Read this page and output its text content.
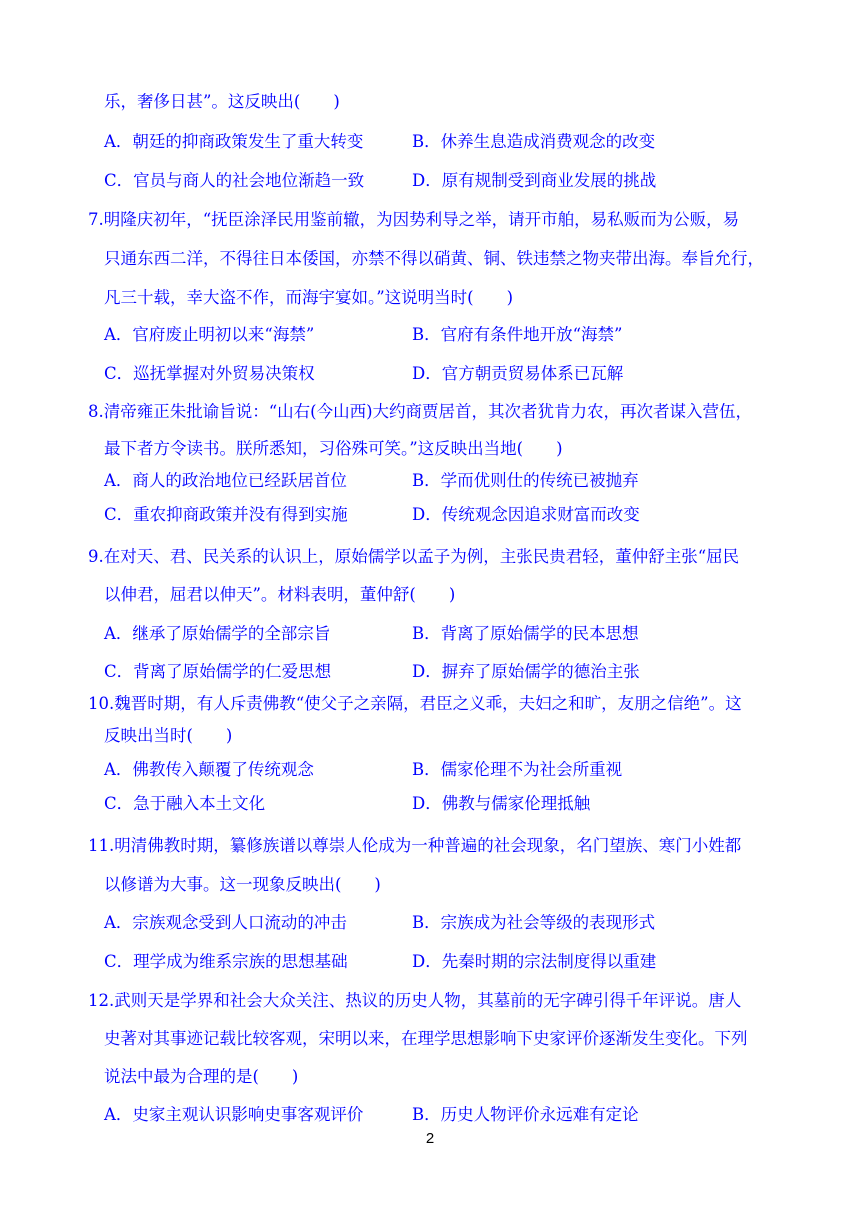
乐，奢侈日甚”。这反映出(　　)
A．朝廷的抑商政策发生了重大转变	B．休养生息造成消费观念的改变
C．官员与商人的社会地位渐趋一致	D．原有规制受到商业发展的挑战
7.明隆庆初年，“抚臣涂泽民用鉴前辙，为因势利导之举，请开市舶，易私贩而为公贩，易
只通东西二洋，不得往日本倭国，亦禁不得以硝黄、铜、铁违禁之物夹带出海。奉旨允行，
凡三十载，幸大盗不作，而海宇宴如。”这说明当时(　　)
A．官府废止明初以来“海禁”	B．官府有条件地开放“海禁”
C．巡抚掌握对外贸易决策权	D．官方朝贡贸易体系已瓦解
8.清帝雍正朱批谕旨说：“山右(今山西)大约商贾居首，其次者犹肯力农，再次者谋入营伍，
最下者方令读书。朕所悉知，习俗殊可笑。”这反映出当地(　　)
A．商人的政治地位已经跃居首位	B．学而优则仕的传统已被抛弃
C．重农抑商政策并没有得到实施	D．传统观念因追求财富而改变
9.在对天、君、民关系的认识上，原始儒学以孟子为例，主张民贵君轻，董仲舒主张“屈民
以伸君，屈君以伸天”。材料表明，董仲舒(　　)
A．继承了原始儒学的全部宗旨	B．背离了原始儒学的民本思想
C．背离了原始儒学的仁爱思想	D．摒弃了原始儒学的德治主张
10.魏晋时期，有人斥责佛教“使父子之亲隔，君臣之义乖，夫妇之和旷，友朋之信绝”。这
反映出当时(　　)
A．佛教传入颠覆了传统观念	B．儒家伦理不为社会所重视
C．急于融入本土文化	D．佛教与儒家伦理抵触
11.明清佛教时期，纂修族谱以尊崇人伦成为一种普遍的社会现象，名门望族、寒门小姓都
以修谱为大事。这一现象反映出(　　)
A．宗族观念受到人口流动的冲击	B．宗族成为社会等级的表现形式
C．理学成为维系宗族的思想基础	D．先秦时期的宗法制度得以重建
12.武则天是学界和社会大众关注、热议的历史人物，其墓前的无字碑引得千年评说。唐人
史著对其事迹记载比较客观，宋明以来，在理学思想影响下史家评价逐渐发生变化。下列
说法中最为合理的是(　　)
A．史家主观认识影响史事客观评价	B．历史人物评价永远难有定论
2
